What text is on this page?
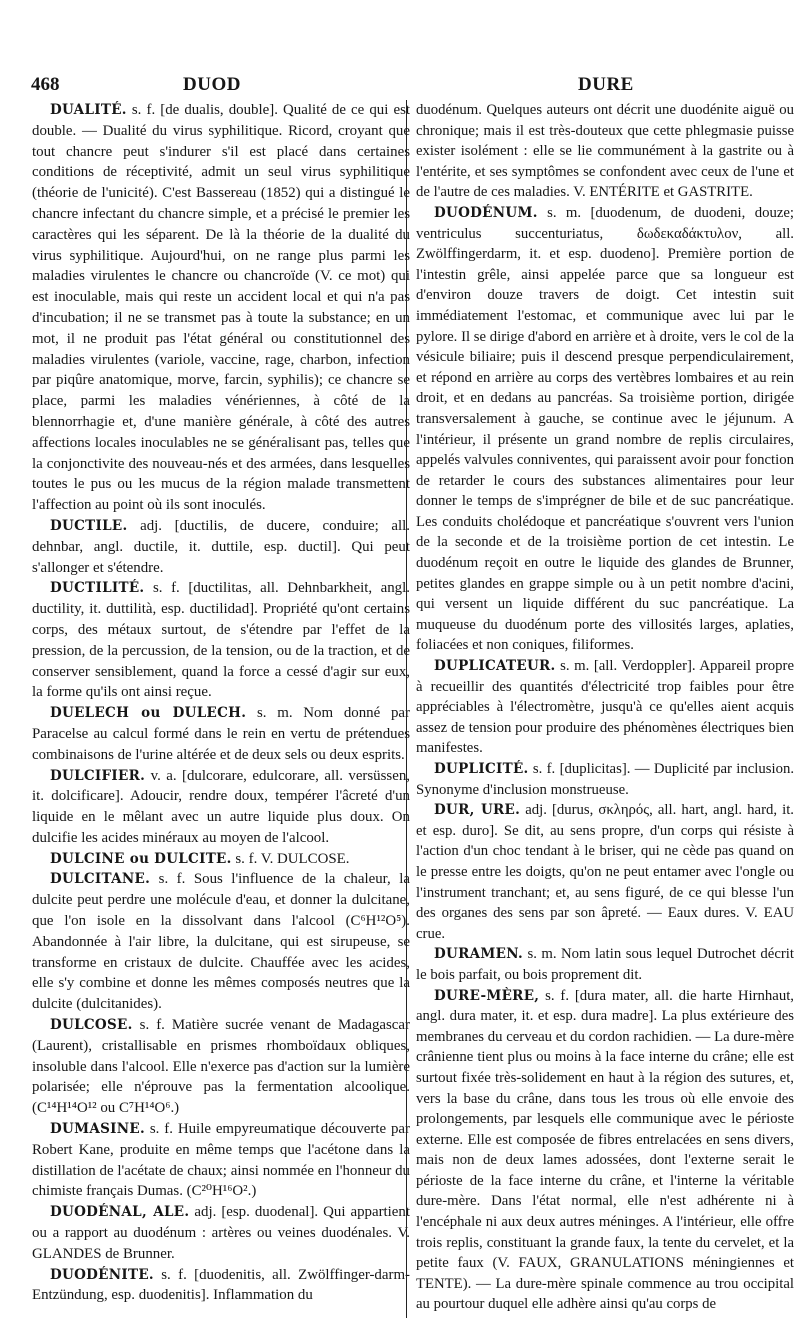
468	DUOD	DURE

DUALITÉ. s. f. [de dualis, double]. Qualité de ce qui est double. — Dualité du virus syphilitique. Ricord, croyant que tout chancre peut s'indurer s'il est placé dans certaines conditions de réceptivité, admit un seul virus syphilitique (théorie de l'unicité). C'est Bassereau (1852) qui a distingué le chancre infectant du chancre simple, et a précisé le premier les caractères qui les séparent. De là la théorie de la dualité du virus syphilitique. Aujourd'hui, on ne range plus parmi les maladies virulentes le chancre ou chancroïde (V. ce mot) qui est inoculable, mais qui reste un accident local et qui n'a pas d'incubation; il ne se transmet pas à toute la substance; en un mot, il ne produit pas l'état général ou constitutionnel des maladies virulentes (variole, vaccine, rage, charbon, infection par piqûre anatomique, morve, farcin, syphilis); ce chancre se place, parmi les maladies vénériennes, à côté de la blennorrhagie et, d'une manière générale, à côté des autres affections locales inoculables ne se généralisant pas, telles que la conjonctivite des nouveau-nés et des armées, dans lesquelles toutes le pus ou les mucus de la région malade transmettent l'affection au point où ils sont inoculés.

DUCTILE. adj. [ductilis, de ducere, conduire; all. dehnbar, angl. ductile, it. duttile, esp. ductil]. Qui peut s'allonger et s'étendre.

DUCTILITÉ. s. f. [ductilitas, all. Dehnbarkheit, angl. ductility, it. duttilità, esp. ductilidad]. Propriété qu'ont certains corps, des métaux surtout, de s'étendre par l'effet de la pression, de la percussion, de la tension, ou de la traction, et de conserver sensiblement, quand la force a cessé d'agir sur eux, la forme qu'ils ont ainsi reçue.

DUELECH ou DULECH. s. m. Nom donné par Paracelse au calcul formé dans le rein en vertu de prétendues combinaisons de l'urine altérée et de deux sels ou deux esprits.

DULCIFIER. v. a. [dulcorare, edulcorare, all. versüssen, it. dolcificare]. Adoucir, rendre doux, tempérer l'âcreté d'un liquide en le mêlant avec un autre liquide plus doux. On dulcifie les acides minéraux au moyen de l'alcool.

DULCINE ou DULCITE. s. f. V. DULCOSE.

DULCITANE. s. f. Sous l'influence de la chaleur, la dulcite peut perdre une molécule d'eau, et donner la dulcitane, que l'on isole en la dissolvant dans l'alcool (C⁶H¹²O⁵). Abandonnée à l'air libre, la dulcitane, qui est sirupeuse, se transforme en cristaux de dulcite. Chauffée avec les acides, elle s'y combine et donne les mêmes composés neutres que la dulcite (dulcitanides).

DULCOSE. s. f. Matière sucrée venant de Madagascar (Laurent), cristallisable en prismes rhomboïdaux obliques, insoluble dans l'alcool. Elle n'exerce pas d'action sur la lumière polarisée; elle n'éprouve pas la fermentation alcoolique. (C¹⁴H¹⁴O¹² ou C⁷H¹⁴O⁶.)

DUMASINE. s. f. Huile empyreumatique découverte par Robert Kane, produite en même temps que l'acétone dans la distillation de l'acétate de chaux; ainsi nommée en l'honneur du chimiste français Dumas. (C²⁰H¹⁶O².)

DUODÉNAL, ALE. adj. [esp. duodenal]. Qui appartient ou a rapport au duodénum : artères ou veines duodénales. V. GLANDES de Brunner.

DUODÉNITE. s. f. [duodenitis, all. Zwölffinger-darm-Entzündung, esp. duodenitis]. Inflammation du

duodénum. Quelques auteurs ont décrit une duodénite aiguë ou chronique; mais il est très-douteux que cette phlegmasie puisse exister isolément : elle se lie communément à la gastrite ou à l'entérite, et ses symptômes se confondent avec ceux de l'une et de l'autre de ces maladies. V. ENTÉRITE et GASTRITE.

DUODÉNUM. s. m. [duodenum, de duodeni, douze; ventriculus succenturiatus, δωδεκαδάκτυλον, all. Zwölffingerdarm, it. et esp. duodeno]. Première portion de l'intestin grêle, ainsi appelée parce que sa longueur est d'environ douze travers de doigt. Cet intestin suit immédiatement l'estomac, et communique avec lui par le pylore. Il se dirige d'abord en arrière et à droite, vers le col de la vésicule biliaire; puis il descend presque perpendiculairement, et répond en arrière au corps des vertèbres lombaires et au rein droit, et en dedans au pancréas. Sa troisième portion, dirigée transversalement à gauche, se continue avec le jéjunum. A l'intérieur, il présente un grand nombre de replis circulaires, appelés valvules conniventes, qui paraissent avoir pour fonction de retarder le cours des substances alimentaires pour leur donner le temps de s'imprégner de bile et de suc pancréatique. Les conduits cholédoque et pancréatique s'ouvrent vers l'union de la seconde et de la troisième portion de cet intestin. Le duodénum reçoit en outre le liquide des glandes de Brunner, petites glandes en grappe simple ou à un petit nombre d'acini, qui versent un liquide différent du suc pancréatique. La muqueuse du duodénum porte des villosités larges, aplaties, foliacées et non coniques, filiformes.

DUPLICATEUR. s. m. [all. Verdoppler]. Appareil propre à recueillir des quantités d'électricité trop faibles pour être appréciables à l'électromètre, jusqu'à ce qu'elles aient acquis assez de tension pour produire des phénomènes électriques bien manifestes.

DUPLICITÉ. s. f. [duplicitas]. — Duplicité par inclusion. Synonyme d'inclusion monstrueuse.

DUR, URE. adj. [durus, σκληρός, all. hart, angl. hard, it. et esp. duro]. Se dit, au sens propre, d'un corps qui résiste à l'action d'un choc tendant à le briser, qui ne cède pas quand on le presse entre les doigts, qu'on ne peut entamer avec l'ongle ou l'instrument tranchant; et, au sens figuré, de ce qui blesse l'un des organes des sens par son âpreté. — Eaux dures. V. EAU crue.

DURAMEN. s. m. Nom latin sous lequel Dutrochet décrit le bois parfait, ou bois proprement dit.

DURE-MÈRE, s. f. [dura mater, all. die harte Hirnhaut, angl. dura mater, it. et esp. dura madre]. La plus extérieure des membranes du cerveau et du cordon rachidien. — La dure-mère crânienne tient plus ou moins à la face interne du crâne; elle est surtout fixée très-solidement en haut à la région des sutures, et, vers la base du crâne, dans tous les trous où elle envoie des prolongements, par lesquels elle communique avec le périoste externe. Elle est composée de fibres entrelacées en sens divers, mais non de deux lames adossées, dont l'externe serait le périoste de la face interne du crâne, et l'interne la véritable dure-mère. Dans l'état normal, elle n'est adhérente ni à l'encéphale ni aux deux autres méninges. A l'intérieur, elle offre trois replis, constituant la grande faux, la tente du cervelet, et la petite faux (V. FAUX, GRANULATIONS méningiennes et TENTE). — La dure-mère spinale commence au trou occipital au pourtour duquel elle adhère ainsi qu'au corps de
